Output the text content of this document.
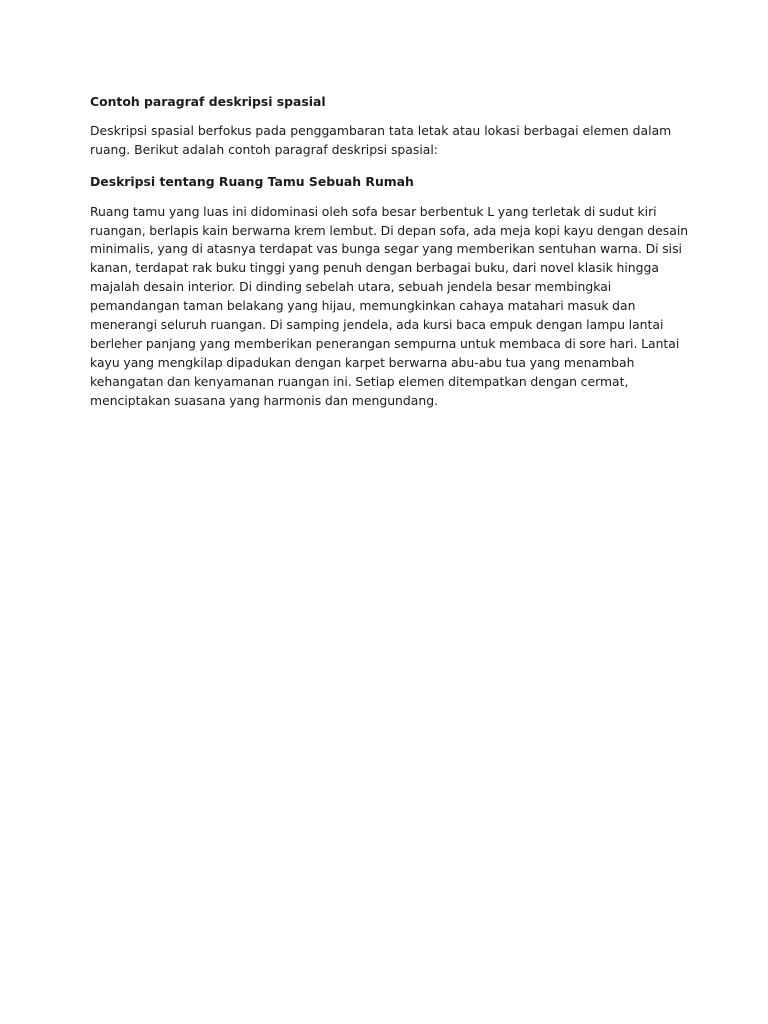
Contoh paragraf deskripsi spasial

Deskripsi spasial berfokus pada penggambaran tata letak atau lokasi berbagai elemen dalam ruang. Berikut adalah contoh paragraf deskripsi spasial:

Deskripsi tentang Ruang Tamu Sebuah Rumah

Ruang tamu yang luas ini didominasi oleh sofa besar berbentuk L yang terletak di sudut kiri ruangan, berlapis kain berwarna krem lembut. Di depan sofa, ada meja kopi kayu dengan desain minimalis, yang di atasnya terdapat vas bunga segar yang memberikan sentuhan warna. Di sisi kanan, terdapat rak buku tinggi yang penuh dengan berbagai buku, dari novel klasik hingga majalah desain interior. Di dinding sebelah utara, sebuah jendela besar membingkai pemandangan taman belakang yang hijau, memungkinkan cahaya matahari masuk dan menerangi seluruh ruangan. Di samping jendela, ada kursi baca empuk dengan lampu lantai berleher panjang yang memberikan penerangan sempurna untuk membaca di sore hari. Lantai kayu yang mengkilap dipadukan dengan karpet berwarna abu-abu tua yang menambah kehangatan dan kenyamanan ruangan ini. Setiap elemen ditempatkan dengan cermat, menciptakan suasana yang harmonis dan mengundang.
